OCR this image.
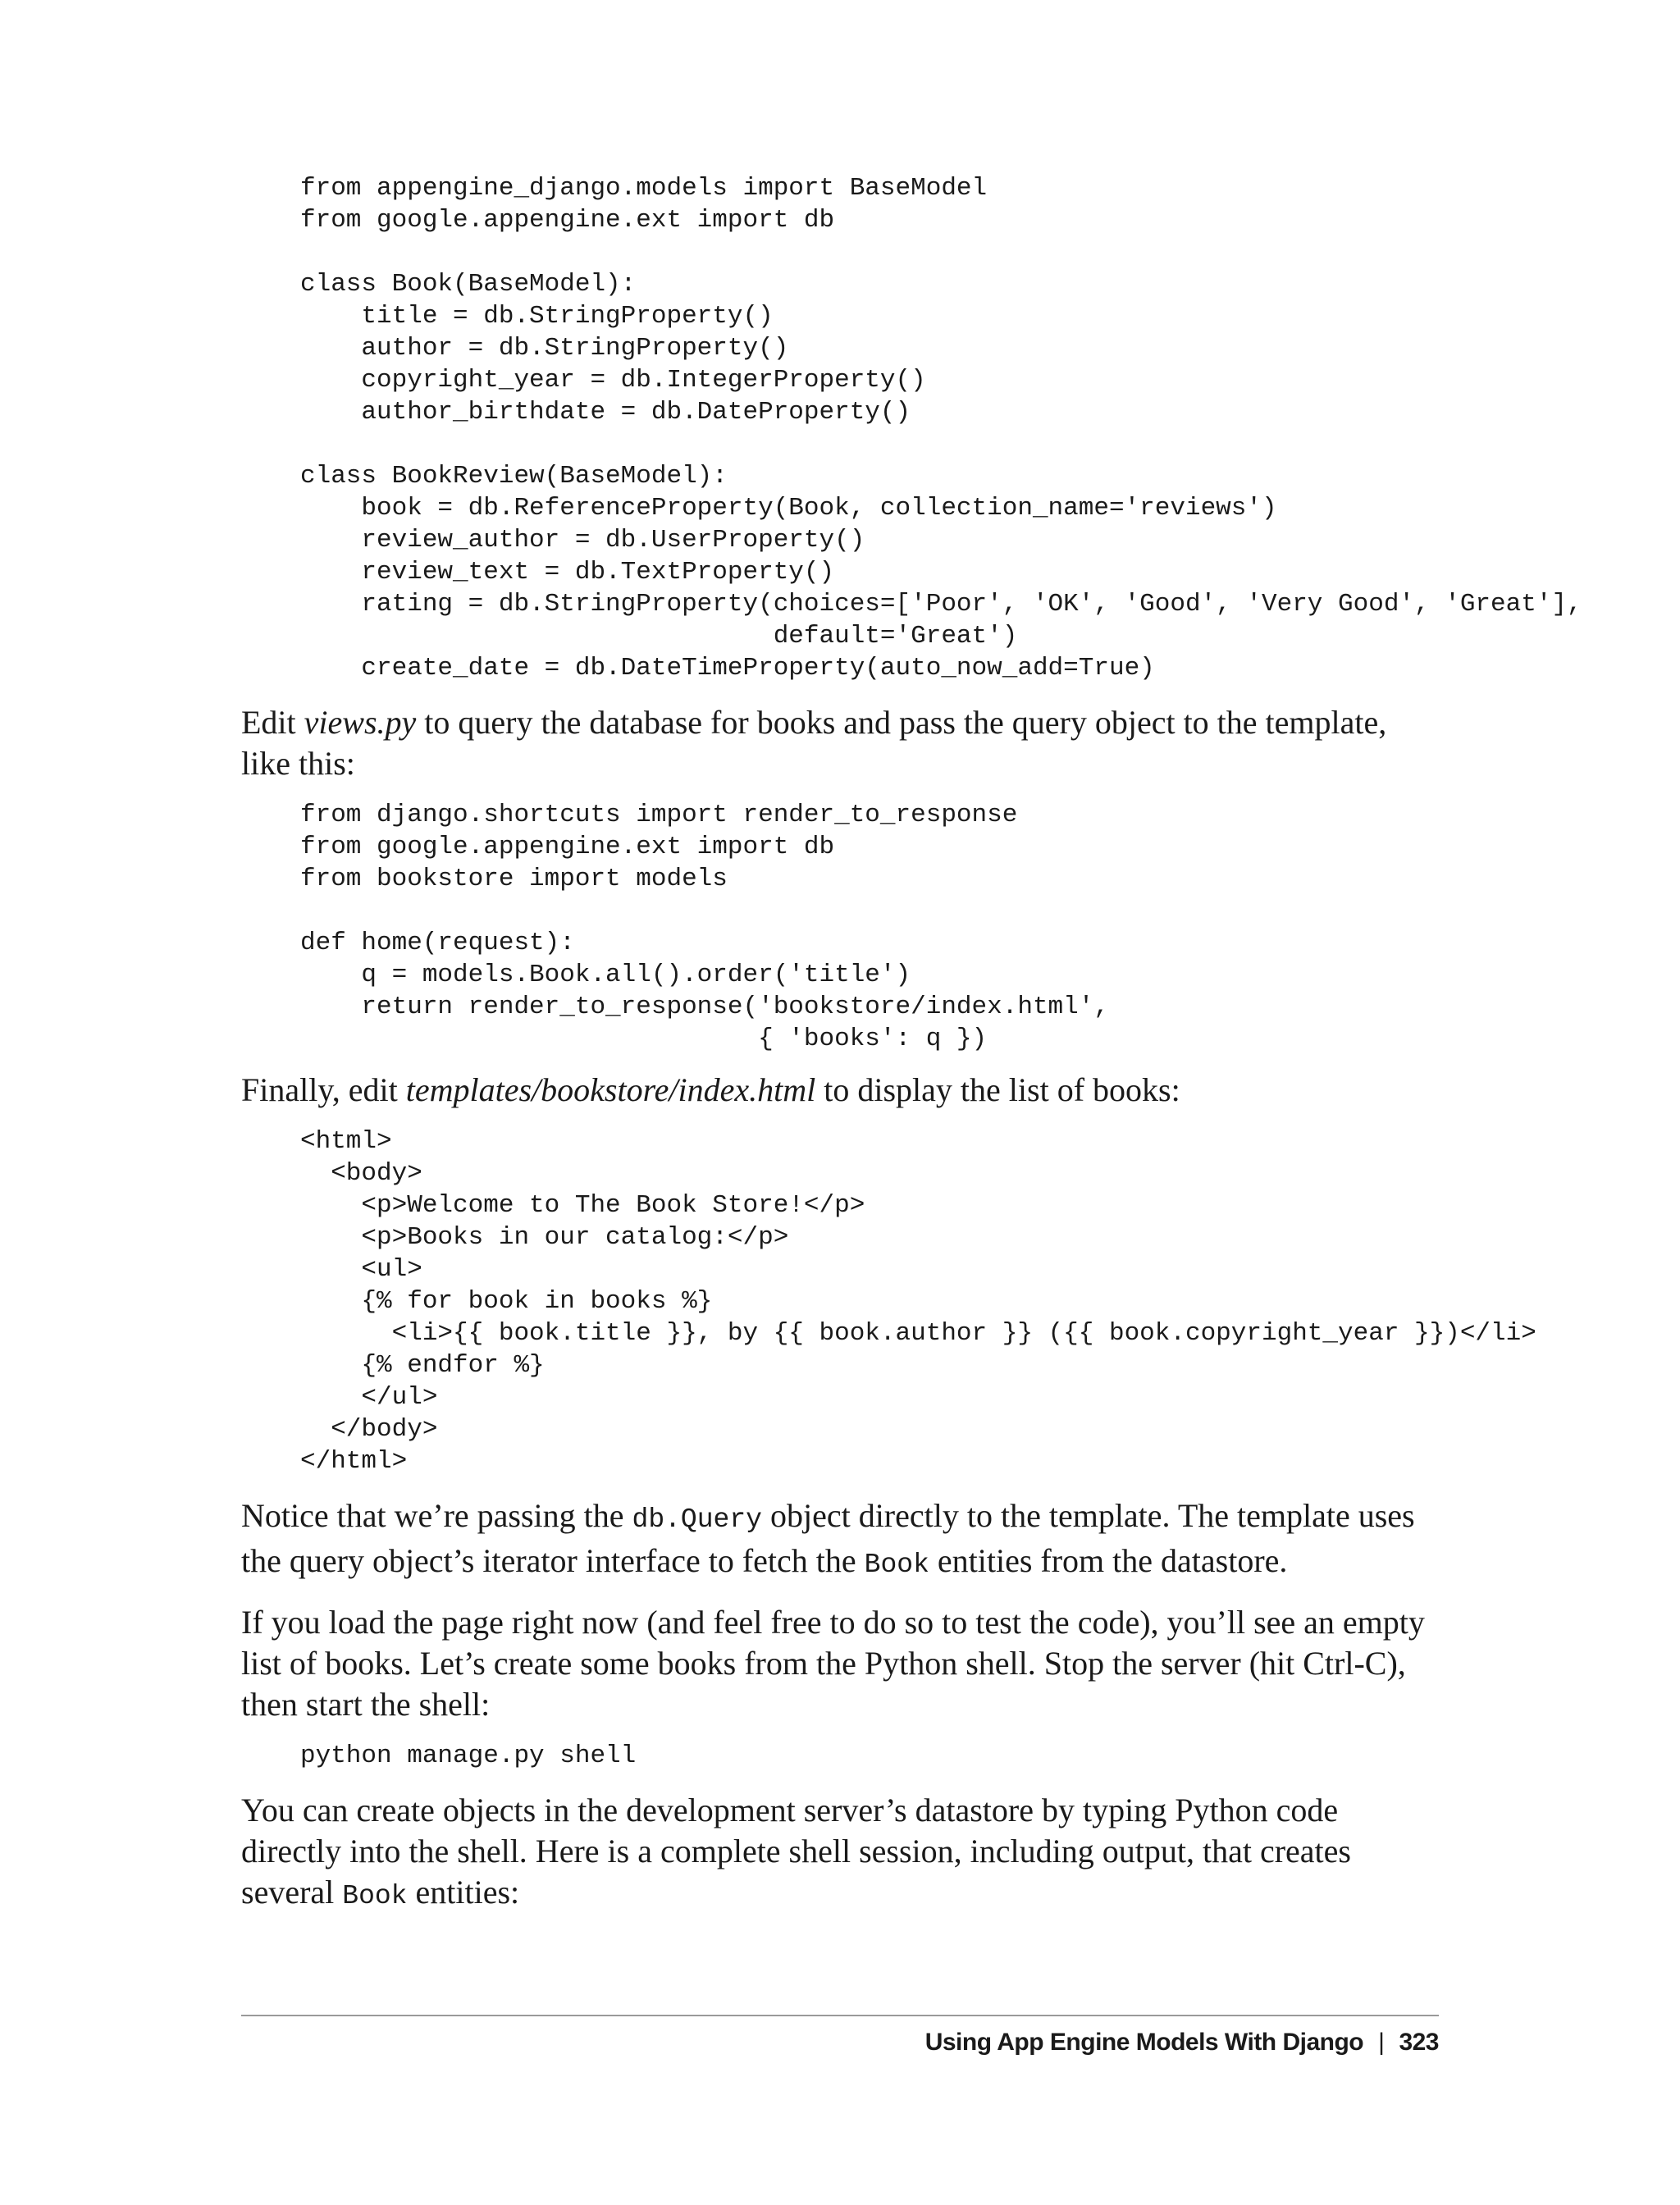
from appengine_django.models import BaseModel
from google.appengine.ext import db

class Book(BaseModel):
title = db.StringProperty()
author = db.StringProperty()
copyright_year = db.IntegerProperty()
author_birthdate = db.DateProperty()

class BookReview(BaseModel):
book = db.ReferenceProperty(Book, collection_name='reviews')
review_author = db.UserProperty()
review_text = db.TextProperty()
rating = db.StringProperty(choices=['Poor', 'OK', 'Good', 'Very Good', 'Great'],
default='Great')
create_date = db.DateTimeProperty(auto_now_add=True)

Edit views.py to query the database for books and pass the query object to the template, like this:

from django.shortcuts import render_to_response
from google.appengine.ext import db
from bookstore import models

def home(request):
q = models.Book.all().order('title')
return render_to_response('bookstore/index.html',
{ 'books': q })

Finally, edit templates/bookstore/index.html to display the list of books:

<html>
<body>
<p>Welcome to The Book Store!</p>
<p>Books in our catalog:</p>
<ul>
{% for book in books %}
<li>{{ book.title }}, by {{ book.author }} ({{ book.copyright_year }})</li>
{% endfor %}
</ul>
</body>
</html>

Notice that we’re passing the db.Query object directly to the template. The template uses the query object’s iterator interface to fetch the Book entities from the datastore.

If you load the page right now (and feel free to do so to test the code), you’ll see an empty list of books. Let’s create some books from the Python shell. Stop the server (hit Ctrl-C), then start the shell:

python manage.py shell

You can create objects in the development server’s datastore by typing Python code directly into the shell. Here is a complete shell session, including output, that creates several Book entities:

Using App Engine Models With Django | 323
